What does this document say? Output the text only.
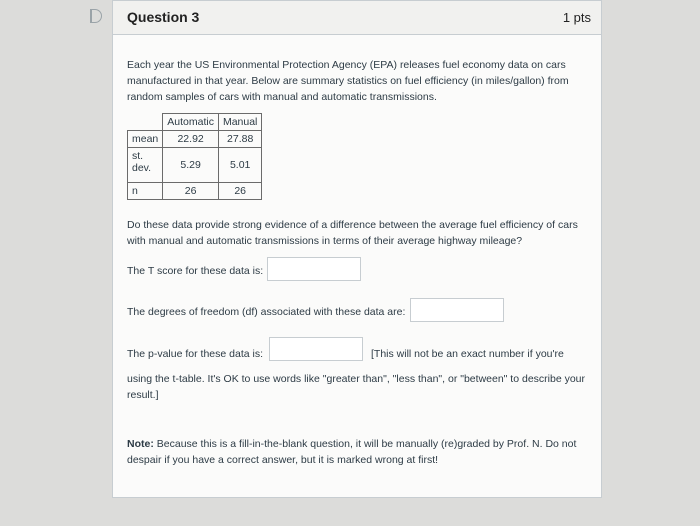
Question 3	1 pts
Each year the US Environmental Protection Agency (EPA) releases fuel economy data on cars manufactured in that year. Below are summary statistics on fuel efficiency (in miles/gallon) from random samples of cars with manual and automatic transmissions.
	Automatic	Manual
mean	22.92	27.88
st. dev.	5.29	5.01
n	26	26
Do these data provide strong evidence of a difference between the average fuel efficiency of cars with manual and automatic transmissions in terms of their average highway mileage?
The T score for these data is:
The degrees of freedom (df) associated with these data are:
The p-value for these data is:	[This will not be an exact number if you're
using the t-table. It's OK to use words like "greater than", "less than", or "between" to describe your result.]
Note: Because this is a fill-in-the-blank question, it will be manually (re)graded by Prof. N. Do not despair if you have a correct answer, but it is marked wrong at first!
